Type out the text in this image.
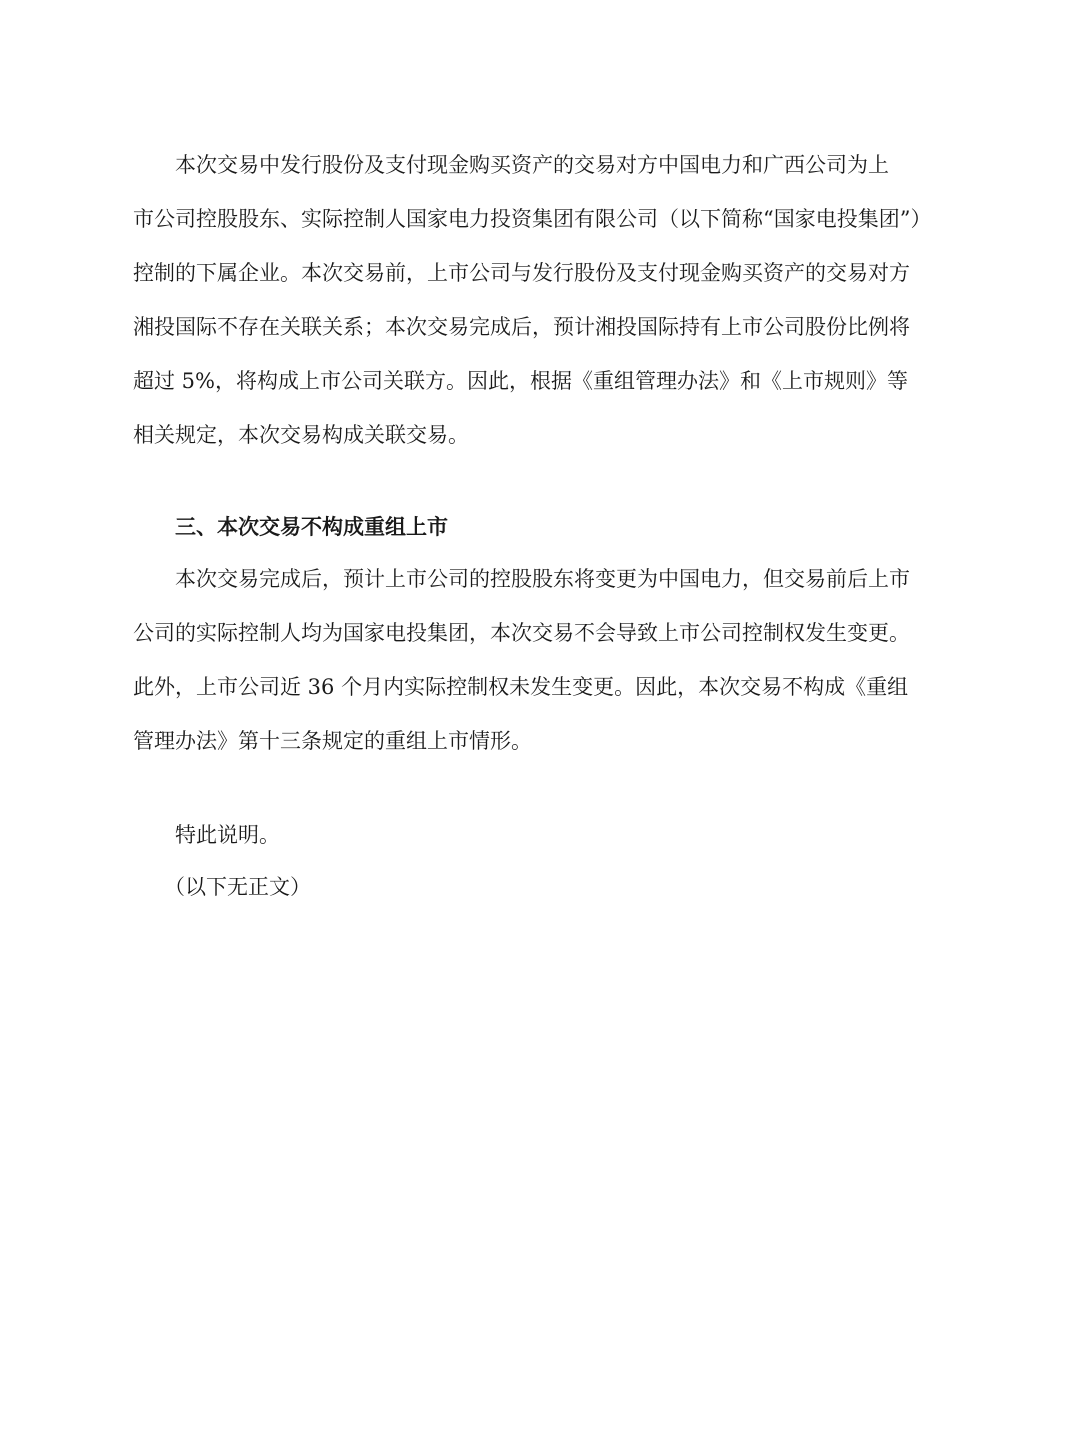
本次交易中发行股份及支付现金购买资产的交易对方中国电力和广西公司为上
市公司控股股东、实际控制人国家电力投资集团有限公司（以下简称“国家电投集团”）
控制的下属企业。本次交易前，上市公司与发行股份及支付现金购买资产的交易对方
湘投国际不存在关联关系；本次交易完成后，预计湘投国际持有上市公司股份比例将
超过 5%，将构成上市公司关联方。因此，根据《重组管理办法》和《上市规则》等
相关规定，本次交易构成关联交易。
三、本次交易不构成重组上市
本次交易完成后，预计上市公司的控股股东将变更为中国电力，但交易前后上市
公司的实际控制人均为国家电投集团，本次交易不会导致上市公司控制权发生变更。
此外，上市公司近 36 个月内实际控制权未发生变更。因此，本次交易不构成《重组
管理办法》第十三条规定的重组上市情形。

特此说明。

（以下无正文）
